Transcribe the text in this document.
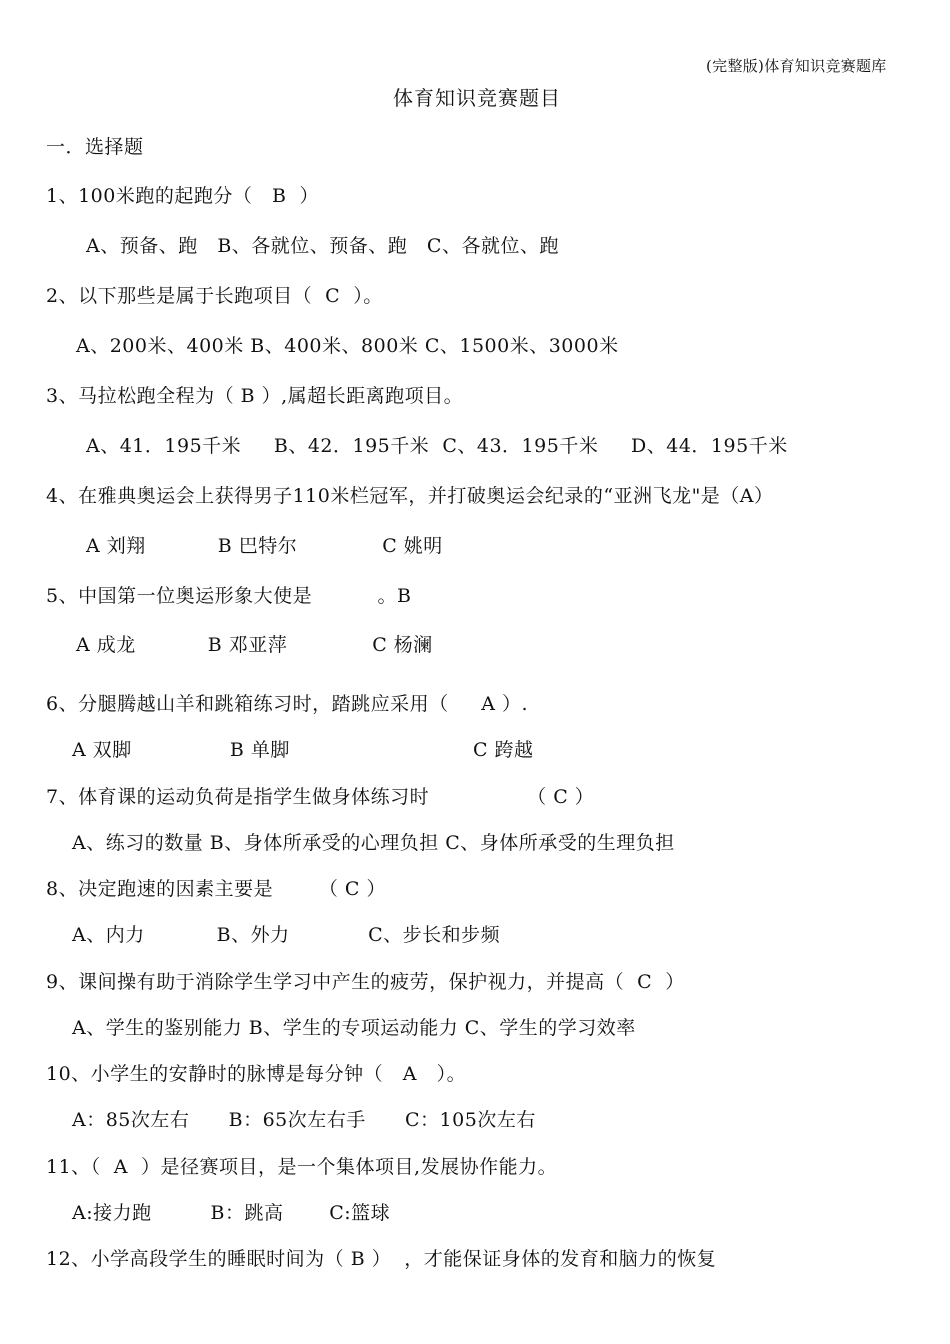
(完整版)体育知识竞赛题库
体育知识竞赛题目
一．选择题
1、100米跑的起跑分（   B  ）
A、预备、跑   B、各就位、预备、跑   C、各就位、跑
2、以下那些是属于长跑项目（  C  ）。
A、200米、400米 B、400米、800米 C、1500米、3000米
3、马拉松跑全程为（ B ）,属超长距离跑项目。
A、41．195千米     B、42．195千米  C、43．195千米     D、44．195千米
4、在雅典奥运会上获得男子110米栏冠军，并打破奥运会纪录的“亚洲飞龙"是（A）
A 刘翔           B 巴特尔             C 姚明
5、中国第一位奥运形象大使是          。B
A 成龙           B 邓亚萍             C 杨澜
6、分腿腾越山羊和跳箱练习时，踏跳应采用（     A ）.
A 双脚               B 单脚                            C 跨越
7、体育课的运动负荷是指学生做身体练习时               （ C ）
A、练习的数量 B、身体所承受的心理负担 C、身体所承受的生理负担
8、决定跑速的因素主要是       （ C ）
A、内力           B、外力            C、步长和步频
9、课间操有助于消除学生学习中产生的疲劳，保护视力，并提高（  C  ）
A、学生的鉴别能力 B、学生的专项运动能力 C、学生的学习效率
10、小学生的安静时的脉博是每分钟（   A   ）。
A：85次左右      B：65次左右手      C：105次左右
11、（  A  ）是径赛项目，是一个集体项目,发展协作能力。
A:接力跑         B：跳高       C:篮球
12、小学高段学生的睡眠时间为（ B ）  ，才能保证身体的发育和脑力的恢复
